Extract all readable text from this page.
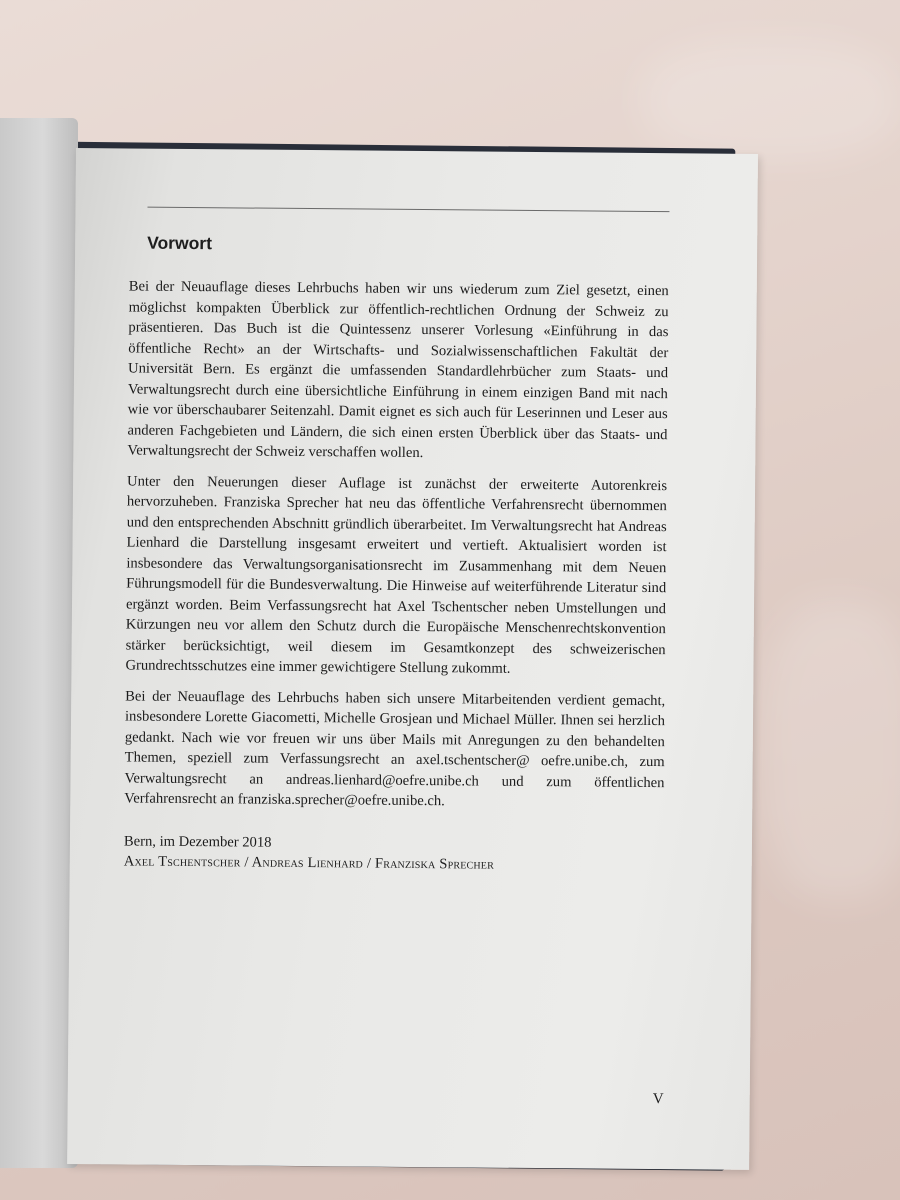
Vorwort

Bei der Neuauflage dieses Lehrbuchs haben wir uns wiederum zum Ziel gesetzt, einen möglichst kompakten Überblick zur öffentlich-rechtlichen Ordnung der Schweiz zu präsentieren. Das Buch ist die Quintessenz unserer Vorlesung «Einführung in das öffentliche Recht» an der Wirtschafts- und Sozialwissenschaftlichen Fakultät der Universität Bern. Es ergänzt die umfassenden Standardlehrbücher zum Staats- und Verwaltungsrecht durch eine übersichtliche Einführung in einem einzigen Band mit nach wie vor überschaubarer Seitenzahl. Damit eignet es sich auch für Leserinnen und Leser aus anderen Fachgebieten und Ländern, die sich einen ersten Überblick über das Staats- und Verwaltungsrecht der Schweiz verschaffen wollen.

Unter den Neuerungen dieser Auflage ist zunächst der erweiterte Autorenkreis hervorzuheben. Franziska Sprecher hat neu das öffentliche Verfahrensrecht übernommen und den entsprechenden Abschnitt gründlich überarbeitet. Im Verwaltungsrecht hat Andreas Lienhard die Darstellung insgesamt erweitert und vertieft. Aktualisiert worden ist insbesondere das Verwaltungsorganisationsrecht im Zusammenhang mit dem Neuen Führungsmodell für die Bundesverwaltung. Die Hinweise auf weiterführende Literatur sind ergänzt worden. Beim Verfassungsrecht hat Axel Tschentscher neben Umstellungen und Kürzungen neu vor allem den Schutz durch die Europäische Menschenrechtskonvention stärker berücksichtigt, weil diesem im Gesamtkonzept des schweizerischen Grundrechtsschutzes eine immer gewichtigere Stellung zukommt.

Bei der Neuauflage des Lehrbuchs haben sich unsere Mitarbeitenden verdient gemacht, insbesondere Lorette Giacometti, Michelle Grosjean und Michael Müller. Ihnen sei herzlich gedankt. Nach wie vor freuen wir uns über Mails mit Anregungen zu den behandelten Themen, speziell zum Verfassungsrecht an axel.tschentscher@ oefre.unibe.ch, zum Verwaltungsrecht an andreas.lienhard@oefre.unibe.ch und zum öffentlichen Verfahrensrecht an franziska.sprecher@oefre.unibe.ch.

Bern, im Dezember 2018
Axel Tschentscher / Andreas Lienhard / Franziska Sprecher
V
